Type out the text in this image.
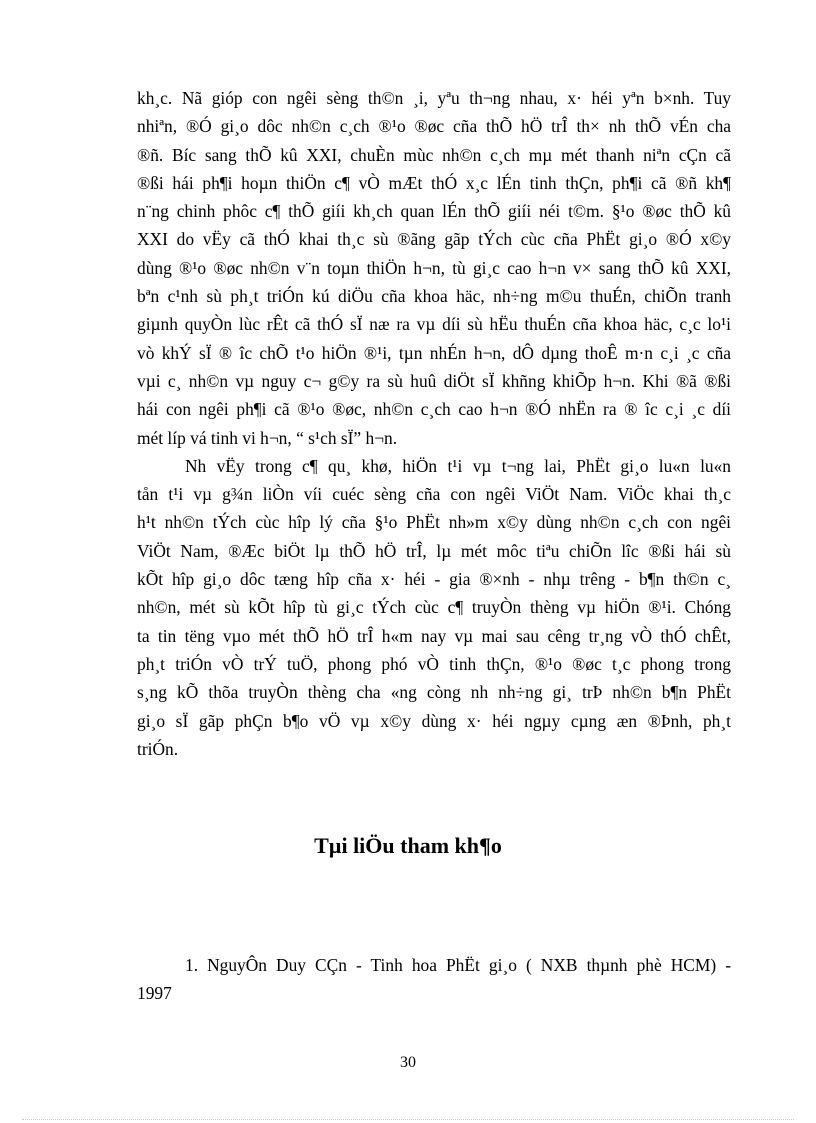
kh¸c. Nã gióp con ngêi sèng th©n ¸i, yªu th¬ng nhau, x· héi yªn b×nh. Tuy
nhiªn, ®Ó gi¸o dôc nh©n c¸ch ®¹o ®øc cña thÕ hÖ trÎ th× nh thÕ vÉn cha
®ñ. Bíc sang thÕ kû XXI, chuÈn mùc nh©n c¸ch mµ mét thanh niªn cÇn cã
®ßi hái ph¶i hoµn thiÖn c¶ vÒ mÆt thÓ x¸c lÉn tinh thÇn, ph¶i cã ®ñ kh¶
n¨ng chinh phôc c¶ thÕ giíi kh¸ch quan lÉn thÕ giíi néi t©m. §¹o ®øc thÕ kû
XXI do vËy cã thÓ khai th¸c sù ®ãng gãp tÝch cùc cña PhËt gi¸o ®Ó x©y
dùng ®¹o ®øc nh©n v¨n toµn thiÖn h¬n, tù gi¸c cao h¬n v× sang thÕ kû XXI,
bªn c¹nh sù ph¸t triÓn kú diÖu cña khoa häc, nh÷ng m©u thuÉn, chiÕn tranh
giµnh quyÒn lùc rÊt cã thÓ sÏ næ ra vµ díi sù hËu thuÉn cña khoa häc, c¸c lo¹i
vò khÝ sÏ ® îc chÕ t¹o hiÖn ®¹i, tµn nhÉn h¬n, dÔ dµng thoÊ m·n c¸i ¸c cña
vµi c¸ nh©n vµ nguy c¬ g©y ra sù huû diÖt sÏ khñng khiÕp h¬n. Khi ®ã ®ßi
hái con ngêi ph¶i cã ®¹o ®øc, nh©n c¸ch cao h¬n ®Ó nhËn ra ® îc c¸i ¸c díi
mét líp vá tinh vi h¬n, “ s¹ch sÏ” h¬n.
Nh vËy trong c¶ qu¸ khø, hiÖn t¹i vµ t¬ng lai, PhËt gi¸o lu«n lu«n
tån t¹i vµ g¾n liÒn víi cuéc sèng cña con ngêi ViÖt Nam. ViÖc khai th¸c
h¹t nh©n tÝch cùc hîp lý cña §¹o PhËt nh»m x©y dùng nh©n c¸ch con ngêi
ViÖt Nam, ®Æc biÖt lµ thÕ hÖ trÎ, lµ mét môc tiªu chiÕn lîc ®ßi hái sù
kÕt hîp gi¸o dôc tæng hîp cña x· héi - gia ®×nh - nhµ trêng - b¶n th©n c¸
nh©n, mét sù kÕt hîp tù gi¸c tÝch cùc c¶ truyÒn thèng vµ hiÖn ®¹i. Chóng
ta tin tëng vµo mét thÕ hÖ trÎ h«m nay vµ mai sau cêng tr¸ng vÒ thÓ chÊt,
ph¸t triÓn vÒ trÝ tuÖ, phong phó vÒ tinh thÇn, ®¹o ®øc t¸c phong trong
s¸ng kÕ thõa truyÒn thèng cha «ng còng nh nh÷ng gi¸ trÞ nh©n b¶n PhËt
gi¸o sÏ gãp phÇn b¶o vÖ vµ x©y dùng x· héi ngµy cµng æn ®Þnh, ph¸t
triÓn.
Tµi liÖu tham kh¶o
1. NguyÔn Duy CÇn - Tinh hoa PhËt gi¸o ( NXB thµnh phè HCM) -
1997
30
